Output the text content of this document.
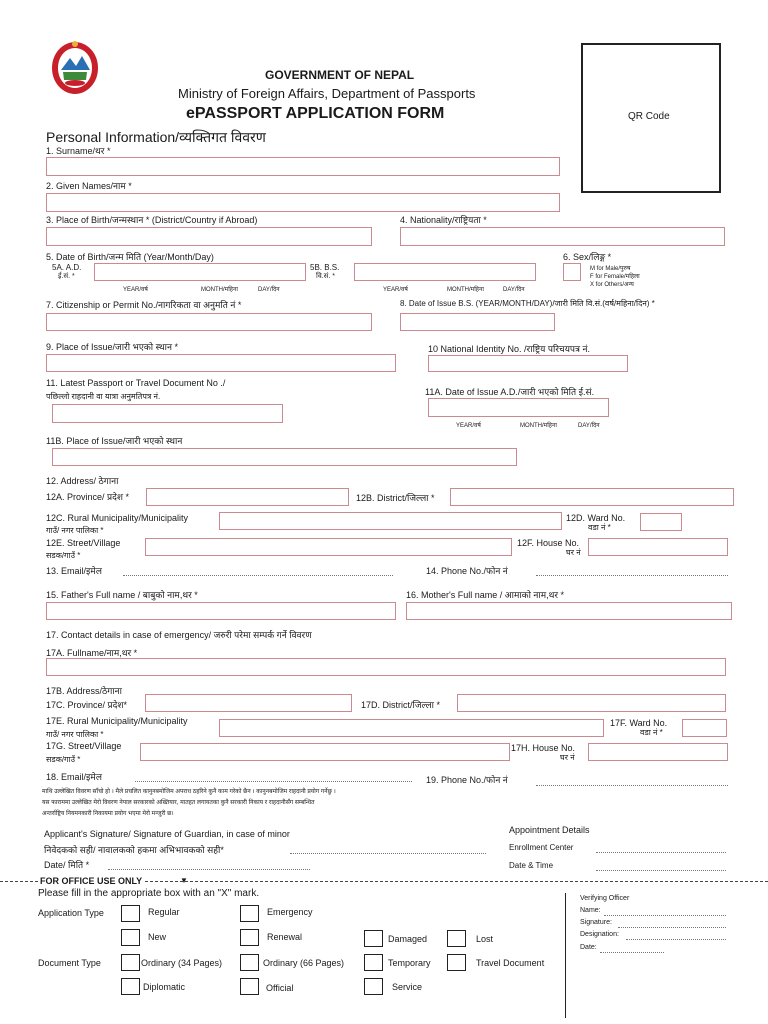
GOVERNMENT OF NEPAL
Ministry of Foreign Affairs, Department of Passports
ePASSPORT APPLICATION FORM	QR Code
Personal Information/व्यक्तिगत विवरण
1. Surname/थर *
2. Given Names/नाम *
3. Place of Birth/जन्मस्थान * (District/Country if Abroad)	4. Nationality/राष्ट्रियता *
5. Date of Birth/जन्म मिति (Year/Month/Day)
5A. A.D.
ई.सं. *
YEAR/वर्ष	MONTH/महिना	DAY/दिन
5B. B.S.
वि.सं. *
YEAR/वर्ष	MONTH/महिना	DAY/दिन
6. Sex/लिङ्ग *
M for Male/पुरुष
F for Female/महिला
X for Others/अन्य
7. Citizenship or Permit No./नागरिकता वा अनुमति नं *	8. Date of Issue B.S. (YEAR/MONTH/DAY)/जारी मिति वि.सं.(वर्ष/महिना/दिन) *
9. Place of Issue/जारी भएको स्थान *	10 National Identity No. /राष्ट्रिय परिचयपत्र नं.
11. Latest Passport or Travel Document No ./
पछिल्लो राहदानी वा यात्रा अनुमतिपत्र नं.	11A. Date of Issue A.D./जारी भएको मिति ई.सं.
YEAR/वर्ष	MONTH/महिना	DAY/दिन
11B. Place of Issue/जारी भएको स्थान
12. Address/ ठेगाना
12A. Province/ प्रदेश *	12B. District/जिल्ला *
12C. Rural Municipality/Municipality
गाउँ/ नगर पालिका *
12D. Ward No.
वडा नं *
12E. Street/Village
सडक/गाउँ *
12F. House No.
घर नं
13. Email/इमेल	14. Phone No./फोन नं
15. Father's Full name / बाबुको नाम,थर *	16. Mother's Full name / आमाको नाम,थर *
17. Contact details in case of emergency/ जरुरी परेमा सम्पर्क गर्ने विवरण
17A. Fullname/नाम,थर *
17B. Address/ठेगाना
17C. Province/ प्रदेश*	17D. District/जिल्ला *
17E. Rural Municipality/Municipality
गाउँ/ नगर पालिका *
17F. Ward No.
वडा नं *
17G. Street/Village
सडक/गाउँ *
17H. House No.
घर नं
18. Email/इमेल	19. Phone No./फोन नं
माथि उल्लेखित विवरण साँचो हो । मैले प्रचलित कानुनबमोजिम अपराध ठहरिने कुनै काम गरेको छैन । कानुनबमोजिम राहदानी प्रयोग गर्नेछु ।
यस फाराममा उल्लेखित मेरो विवरण नेपाल सरकारको अख्तियार, मातहत लगायतका कुनै सरकारी निकाय र राहदानीसँग सम्बन्धित
अन्तर्राष्ट्रिय नियमनकारी निकायमा प्रयोग भएमा मेरो मन्जुरी छ।
Applicant's Signature/ Signature of Guardian, in case of minor
निवेदकको सही/ नावालकको हकमा अभिभावकको सही*
Date/ मिति *
Appointment Details
Enrollment Center
Date & Time
FOR OFFICE USE ONLY	▼
Please fill in the appropriate box with an "X" mark.
Application Type	Regular	Emergency
New	Renewal	Damaged	Lost
Document Type	Ordinary (34 Pages)	Ordinary (66 Pages)	Temporary	Travel Document
Diplomatic	Official	Service
Verifying Officer
Name:
Signature:
Designation:
Date:
